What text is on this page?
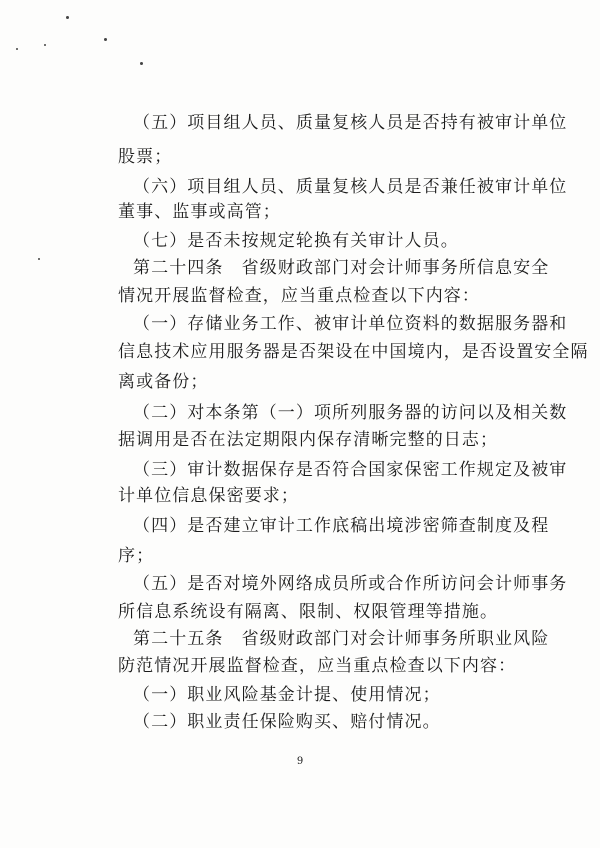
（五）项目组人员、质量复核人员是否持有被审计单位
股票；
（六）项目组人员、质量复核人员是否兼任被审计单位
董事、监事或高管；
（七）是否未按规定轮换有关审计人员。
第二十四条　省级财政部门对会计师事务所信息安全
情况开展监督检查，应当重点检查以下内容：
（一）存储业务工作、被审计单位资料的数据服务器和
信息技术应用服务器是否架设在中国境内，是否设置安全隔
离或备份；
（二）对本条第（一）项所列服务器的访问以及相关数
据调用是否在法定期限内保存清晰完整的日志；
（三）审计数据保存是否符合国家保密工作规定及被审
计单位信息保密要求；
（四）是否建立审计工作底稿出境涉密筛查制度及程
序；
（五）是否对境外网络成员所或合作所访问会计师事务
所信息系统设有隔离、限制、权限管理等措施。
第二十五条　省级财政部门对会计师事务所职业风险
防范情况开展监督检查，应当重点检查以下内容：
（一）职业风险基金计提、使用情况；
（二）职业责任保险购买、赔付情况。
9
